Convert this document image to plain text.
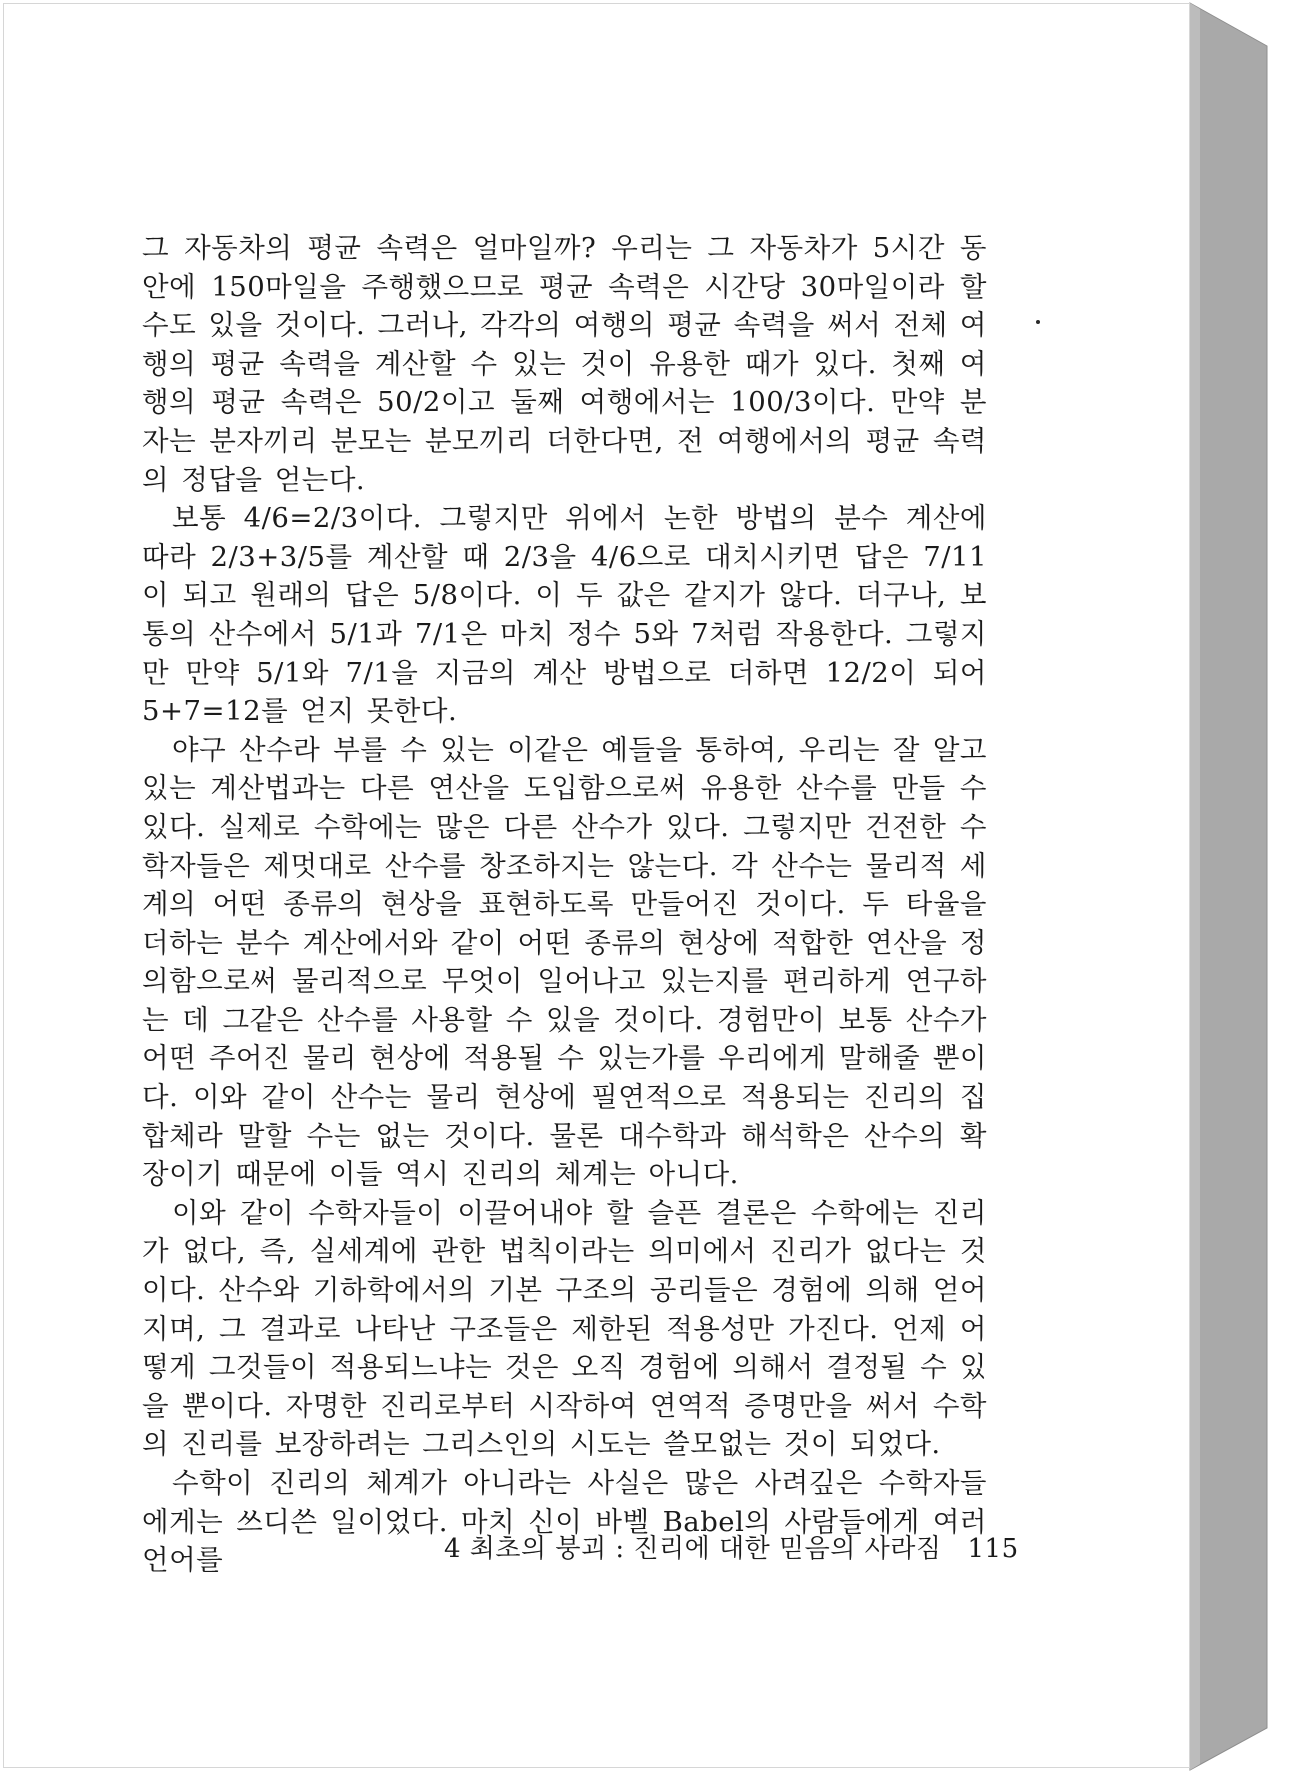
그 자동차의 평균 속력은 얼마일까? 우리는 그 자동차가 5시간 동안에 150마일을 주행했으므로 평균 속력은 시간당 30마일이라 할 수도 있을 것이다. 그러나, 각각의 여행의 평균 속력을 써서 전체 여행의 평균 속력을 계산할 수 있는 것이 유용한 때가 있다. 첫째 여행의 평균 속력은 50/2이고 둘째 여행에서는 100/3이다. 만약 분자는 분자끼리 분모는 분모끼리 더한다면, 전 여행에서의 평균 속력의 정답을 얻는다.

보통 4/6=2/3이다. 그렇지만 위에서 논한 방법의 분수 계산에 따라 2/3+3/5를 계산할 때 2/3을 4/6으로 대치시키면 답은 7/11이 되고 원래의 답은 5/8이다. 이 두 값은 같지가 않다. 더구나, 보통의 산수에서 5/1과 7/1은 마치 정수 5와 7처럼 작용한다. 그렇지만 만약 5/1와 7/1을 지금의 계산 방법으로 더하면 12/2이 되어 5+7=12를 얻지 못한다.

야구 산수라 부를 수 있는 이같은 예들을 통하여, 우리는 잘 알고 있는 계산법과는 다른 연산을 도입함으로써 유용한 산수를 만들 수 있다. 실제로 수학에는 많은 다른 산수가 있다. 그렇지만 건전한 수학자들은 제멋대로 산수를 창조하지는 않는다. 각 산수는 물리적 세계의 어떤 종류의 현상을 표현하도록 만들어진 것이다. 두 타율을 더하는 분수 계산에서와 같이 어떤 종류의 현상에 적합한 연산을 정의함으로써 물리적으로 무엇이 일어나고 있는지를 편리하게 연구하는 데 그같은 산수를 사용할 수 있을 것이다. 경험만이 보통 산수가 어떤 주어진 물리 현상에 적용될 수 있는가를 우리에게 말해줄 뿐이다. 이와 같이 산수는 물리 현상에 필연적으로 적용되는 진리의 집합체라 말할 수는 없는 것이다. 물론 대수학과 해석학은 산수의 확장이기 때문에 이들 역시 진리의 체계는 아니다.

이와 같이 수학자들이 이끌어내야 할 슬픈 결론은 수학에는 진리가 없다, 즉, 실세계에 관한 법칙이라는 의미에서 진리가 없다는 것이다. 산수와 기하학에서의 기본 구조의 공리들은 경험에 의해 얻어지며, 그 결과로 나타난 구조들은 제한된 적용성만 가진다. 언제 어떻게 그것들이 적용되느냐는 것은 오직 경험에 의해서 결정될 수 있을 뿐이다. 자명한 진리로부터 시작하여 연역적 증명만을 써서 수학의 진리를 보장하려는 그리스인의 시도는 쓸모없는 것이 되었다.

수학이 진리의 체계가 아니라는 사실은 많은 사려깊은 수학자들에게는 쓰디쓴 일이었다. 마치 신이 바벨 Babel의 사람들에게 여러 언어를	4 최초의 붕괴 : 진리에 대한 믿음의 사라짐 115
